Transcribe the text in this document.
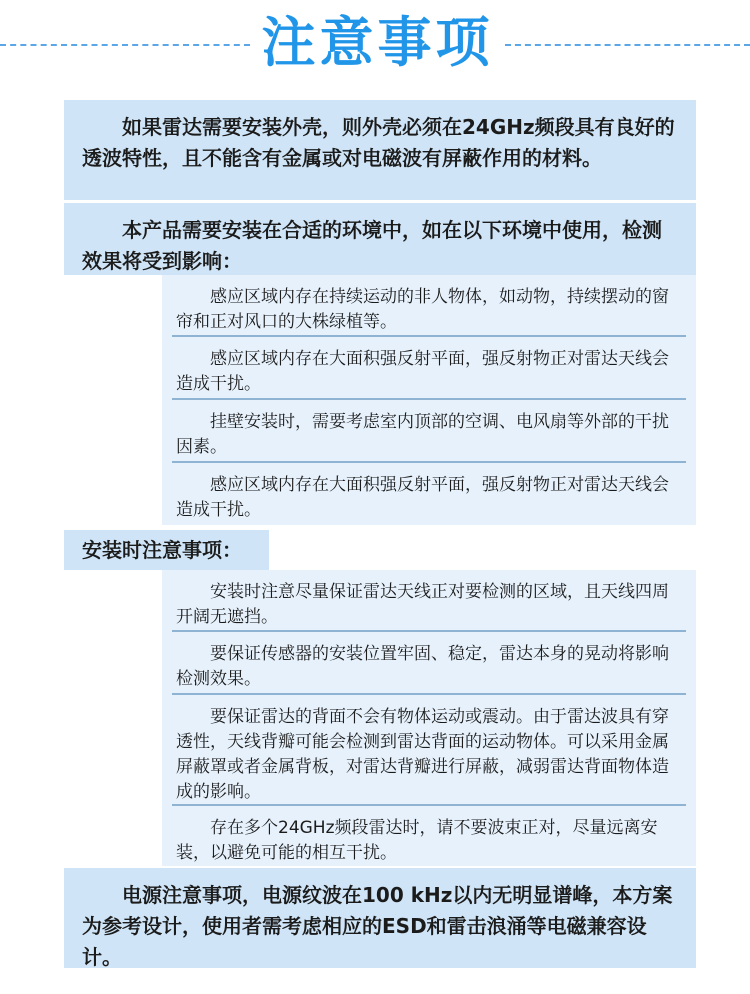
注意事项

如果雷达需要安装外壳，则外壳必须在24GHz频段具有良好的透波特性，且不能含有金属或对电磁波有屏蔽作用的材料。

本产品需要安装在合适的环境中，如在以下环境中使用，检测效果将受到影响：

感应区域内存在持续运动的非人物体，如动物，持续摆动的窗帘和正对风口的大株绿植等。

感应区域内存在大面积强反射平面，强反射物正对雷达天线会造成干扰。

挂壁安装时，需要考虑室内顶部的空调、电风扇等外部的干扰因素。

感应区域内存在大面积强反射平面，强反射物正对雷达天线会造成干扰。

安装时注意事项：

安装时注意尽量保证雷达天线正对要检测的区域，且天线四周开阔无遮挡。

要保证传感器的安装位置牢固、稳定，雷达本身的晃动将影响检测效果。

要保证雷达的背面不会有物体运动或震动。由于雷达波具有穿透性，天线背瓣可能会检测到雷达背面的运动物体。可以采用金属屏蔽罩或者金属背板，对雷达背瓣进行屏蔽，减弱雷达背面物体造成的影响。

存在多个24GHz频段雷达时，请不要波束正对，尽量远离安装，以避免可能的相互干扰。

电源注意事项，电源纹波在100 kHz以内无明显谱峰，本方案为参考设计，使用者需考虑相应的ESD和雷击浪涌等电磁兼容设计。
